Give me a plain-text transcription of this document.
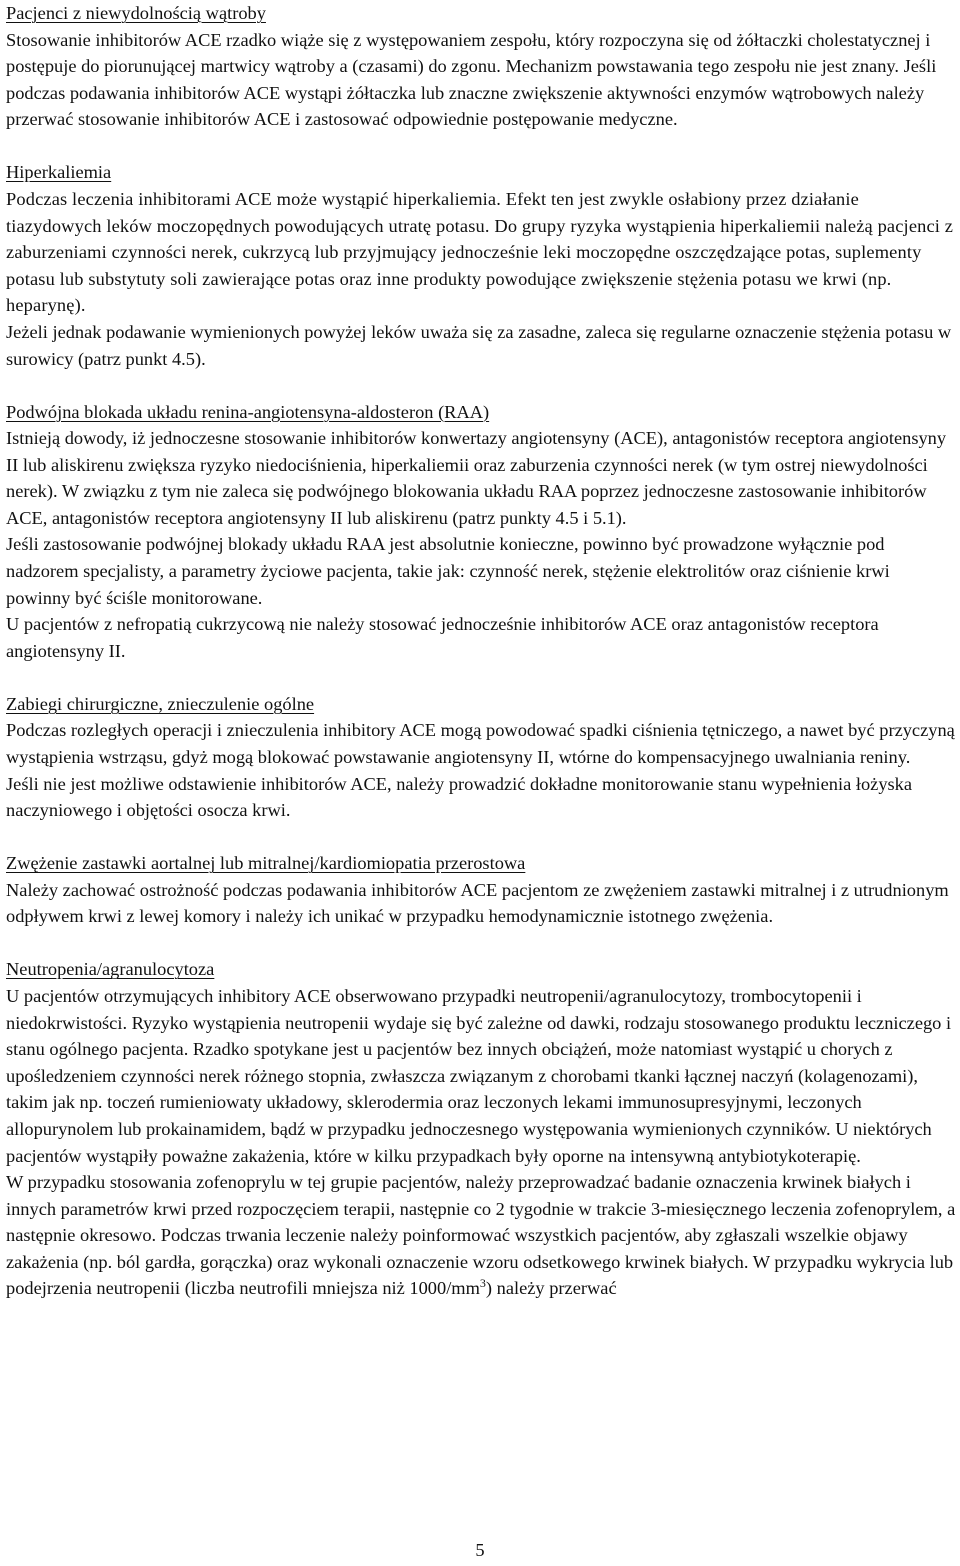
Pacjenci z niewydolnością wątroby
Stosowanie inhibitorów ACE rzadko wiąże się z występowaniem zespołu, który rozpoczyna się od żółtaczki cholestatycznej i postępuje do piorunującej martwicy wątroby a (czasami) do zgonu. Mechanizm powstawania tego zespołu nie jest znany. Jeśli podczas podawania inhibitorów ACE wystąpi żółtaczka lub znaczne zwiększenie aktywności enzymów wątrobowych należy przerwać stosowanie inhibitorów ACE i zastosować odpowiednie postępowanie medyczne.
Hiperkaliemia
Podczas leczenia inhibitorami ACE może wystąpić hiperkaliemia. Efekt ten jest zwykle osłabiony przez działanie tiazydowych leków moczopędnych powodujących utratę potasu. Do grupy ryzyka wystąpienia hiperkaliemii należą pacjenci z zaburzeniami czynności nerek, cukrzycą lub przyjmujący jednocześnie leki moczopędne oszczędzające potas, suplementy potasu lub substytuty soli zawierające potas oraz inne produkty powodujące zwiększenie stężenia potasu we krwi (np. heparynę).
Jeżeli jednak podawanie wymienionych powyżej leków uważa się za zasadne, zaleca się regularne oznaczenie stężenia potasu w surowicy (patrz punkt 4.5).
Podwójna blokada układu renina-angiotensyna-aldosteron (RAA)
Istnieją dowody, iż jednoczesne stosowanie inhibitorów konwertazy angiotensyny (ACE), antagonistów receptora angiotensyny II lub aliskirenu zwiększa ryzyko niedociśnienia, hiperkaliemii oraz zaburzenia czynności nerek (w tym ostrej niewydolności nerek). W związku z tym nie zaleca się podwójnego blokowania układu RAA poprzez jednoczesne zastosowanie inhibitorów ACE, antagonistów receptora angiotensyny II lub aliskirenu (patrz punkty 4.5 i 5.1).
Jeśli zastosowanie podwójnej blokady układu RAA jest absolutnie konieczne, powinno być prowadzone wyłącznie pod nadzorem specjalisty, a parametry życiowe pacjenta, takie jak: czynność nerek, stężenie elektrolitów oraz ciśnienie krwi powinny być ściśle monitorowane.
U pacjentów z nefropatią cukrzycową nie należy stosować jednocześnie inhibitorów ACE oraz antagonistów receptora angiotensyny II.
Zabiegi chirurgiczne, znieczulenie ogólne
Podczas rozległych operacji i znieczulenia inhibitory ACE mogą powodować spadki ciśnienia tętniczego, a nawet być przyczyną wystąpienia wstrząsu, gdyż mogą blokować powstawanie angiotensyny II, wtórne do kompensacyjnego uwalniania reniny.
Jeśli nie jest możliwe odstawienie inhibitorów ACE, należy prowadzić dokładne monitorowanie stanu wypełnienia łożyska naczyniowego i objętości osocza krwi.
Zwężenie zastawki aortalnej lub mitralnej/kardiomiopatia przerostowa
Należy zachować ostrożność podczas podawania inhibitorów ACE pacjentom ze zwężeniem zastawki mitralnej i z utrudnionym odpływem krwi z lewej komory i należy ich unikać w przypadku hemodynamicznie istotnego zwężenia.
Neutropenia/agranulocytoza
U pacjentów otrzymujących inhibitory ACE obserwowano przypadki neutropenii/agranulocytozy, trombocytopenii i niedokrwistości. Ryzyko wystąpienia neutropenii wydaje się być zależne od dawki, rodzaju stosowanego produktu leczniczego i stanu ogólnego pacjenta. Rzadko spotykane jest u pacjentów bez innych obciążeń, może natomiast wystąpić u chorych z upośledzeniem czynności nerek różnego stopnia, zwłaszcza związanym z chorobami tkanki łącznej naczyń (kolagenozami), takim jak np. toczeń rumieniowaty układowy, sklerodermia oraz leczonych lekami immunosupresyjnymi, leczonych allopurynolem lub prokainamidem, bądź w przypadku jednoczesnego występowania wymienionych czynników. U niektórych pacjentów wystąpiły poważne zakażenia, które w kilku przypadkach były oporne na intensywną antybiotykoterapię.
W przypadku stosowania zofenoprylu w tej grupie pacjentów, należy przeprowadzać badanie oznaczenia krwinek białych i innych parametrów krwi przed rozpoczęciem terapii, następnie co 2 tygodnie w trakcie 3-miesięcznego leczenia zofenoprylem, a następnie okresowo. Podczas trwania leczenie należy poinformować wszystkich pacjentów, aby zgłaszali wszelkie objawy zakażenia (np. ból gardła, gorączka) oraz wykonali oznaczenie wzoru odsetkowego krwinek białych. W przypadku wykrycia lub podejrzenia neutropenii (liczba neutrofili mniejsza niż $1000/mm^3$) należy przerwać
5
